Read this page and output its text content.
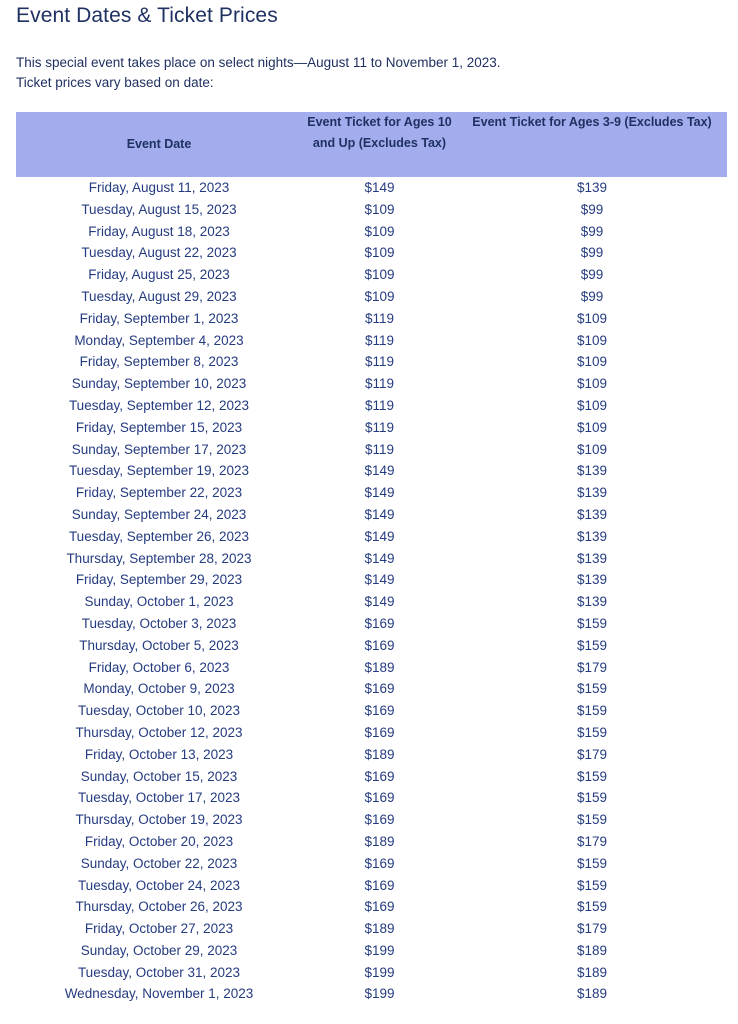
Event Dates & Ticket Prices

This special event takes place on select nights—August 11 to November 1, 2023.
Ticket prices vary based on date:

Event Date	Event Ticket for Ages 10 and Up (Excludes Tax)	Event Ticket for Ages 3-9 (Excludes Tax)
Friday, August 11, 2023	$149	$139
Tuesday, August 15, 2023	$109	$99
Friday, August 18, 2023	$109	$99
Tuesday, August 22, 2023	$109	$99
Friday, August 25, 2023	$109	$99
Tuesday, August 29, 2023	$109	$99
Friday, September 1, 2023	$119	$109
Monday, September 4, 2023	$119	$109
Friday, September 8, 2023	$119	$109
Sunday, September 10, 2023	$119	$109
Tuesday, September 12, 2023	$119	$109
Friday, September 15, 2023	$119	$109
Sunday, September 17, 2023	$119	$109
Tuesday, September 19, 2023	$149	$139
Friday, September 22, 2023	$149	$139
Sunday, September 24, 2023	$149	$139
Tuesday, September 26, 2023	$149	$139
Thursday, September 28, 2023	$149	$139
Friday, September 29, 2023	$149	$139
Sunday, October 1, 2023	$149	$139
Tuesday, October 3, 2023	$169	$159
Thursday, October 5, 2023	$169	$159
Friday, October 6, 2023	$189	$179
Monday, October 9, 2023	$169	$159
Tuesday, October 10, 2023	$169	$159
Thursday, October 12, 2023	$169	$159
Friday, October 13, 2023	$189	$179
Sunday, October 15, 2023	$169	$159
Tuesday, October 17, 2023	$169	$159
Thursday, October 19, 2023	$169	$159
Friday, October 20, 2023	$189	$179
Sunday, October 22, 2023	$169	$159
Tuesday, October 24, 2023	$169	$159
Thursday, October 26, 2023	$169	$159
Friday, October 27, 2023	$189	$179
Sunday, October 29, 2023	$199	$189
Tuesday, October 31, 2023	$199	$189
Wednesday, November 1, 2023	$199	$189
